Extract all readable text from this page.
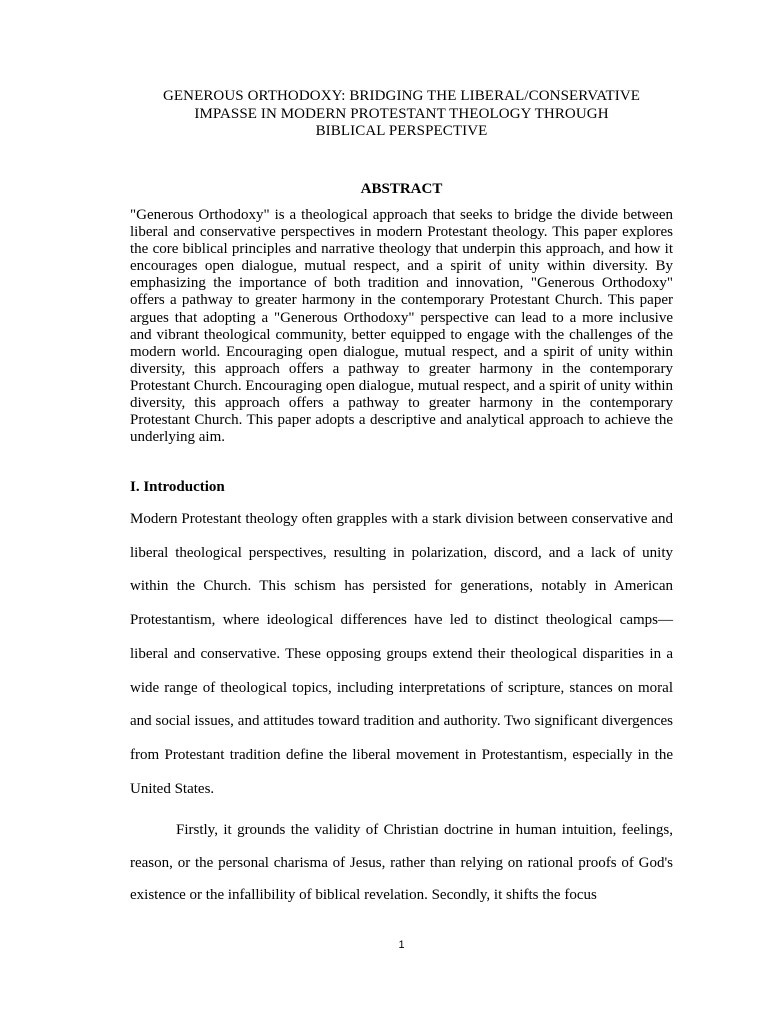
GENEROUS ORTHODOXY: BRIDGING THE LIBERAL/CONSERVATIVE
IMPASSE IN MODERN PROTESTANT THEOLOGY THROUGH
BIBLICAL PERSPECTIVE
ABSTRACT

"Generous Orthodoxy" is a theological approach that seeks to bridge the divide between liberal and conservative perspectives in modern Protestant theology. This paper explores the core biblical principles and narrative theology that underpin this approach, and how it encourages open dialogue, mutual respect, and a spirit of unity within diversity. By emphasizing the importance of both tradition and innovation, "Generous Orthodoxy" offers a pathway to greater harmony in the contemporary Protestant Church. This paper argues that adopting a "Generous Orthodoxy" perspective can lead to a more inclusive and vibrant theological community, better equipped to engage with the challenges of the modern world. Encouraging open dialogue, mutual respect, and a spirit of unity within diversity, this approach offers a pathway to greater harmony in the contemporary Protestant Church. Encouraging open dialogue, mutual respect, and a spirit of unity within diversity, this approach offers a pathway to greater harmony in the contemporary Protestant Church. This paper adopts a descriptive and analytical approach to achieve the underlying aim.

I. Introduction

Modern Protestant theology often grapples with a stark division between conservative and liberal theological perspectives, resulting in polarization, discord, and a lack of unity within the Church. This schism has persisted for generations, notably in American Protestantism, where ideological differences have led to distinct theological camps—liberal and conservative. These opposing groups extend their theological disparities in a wide range of theological topics, including interpretations of scripture, stances on moral and social issues, and attitudes toward tradition and authority. Two significant divergences from Protestant tradition define the liberal movement in Protestantism, especially in the United States.

Firstly, it grounds the validity of Christian doctrine in human intuition, feelings, reason, or the personal charisma of Jesus, rather than relying on rational proofs of God's existence or the infallibility of biblical revelation. Secondly, it shifts the focus

1
